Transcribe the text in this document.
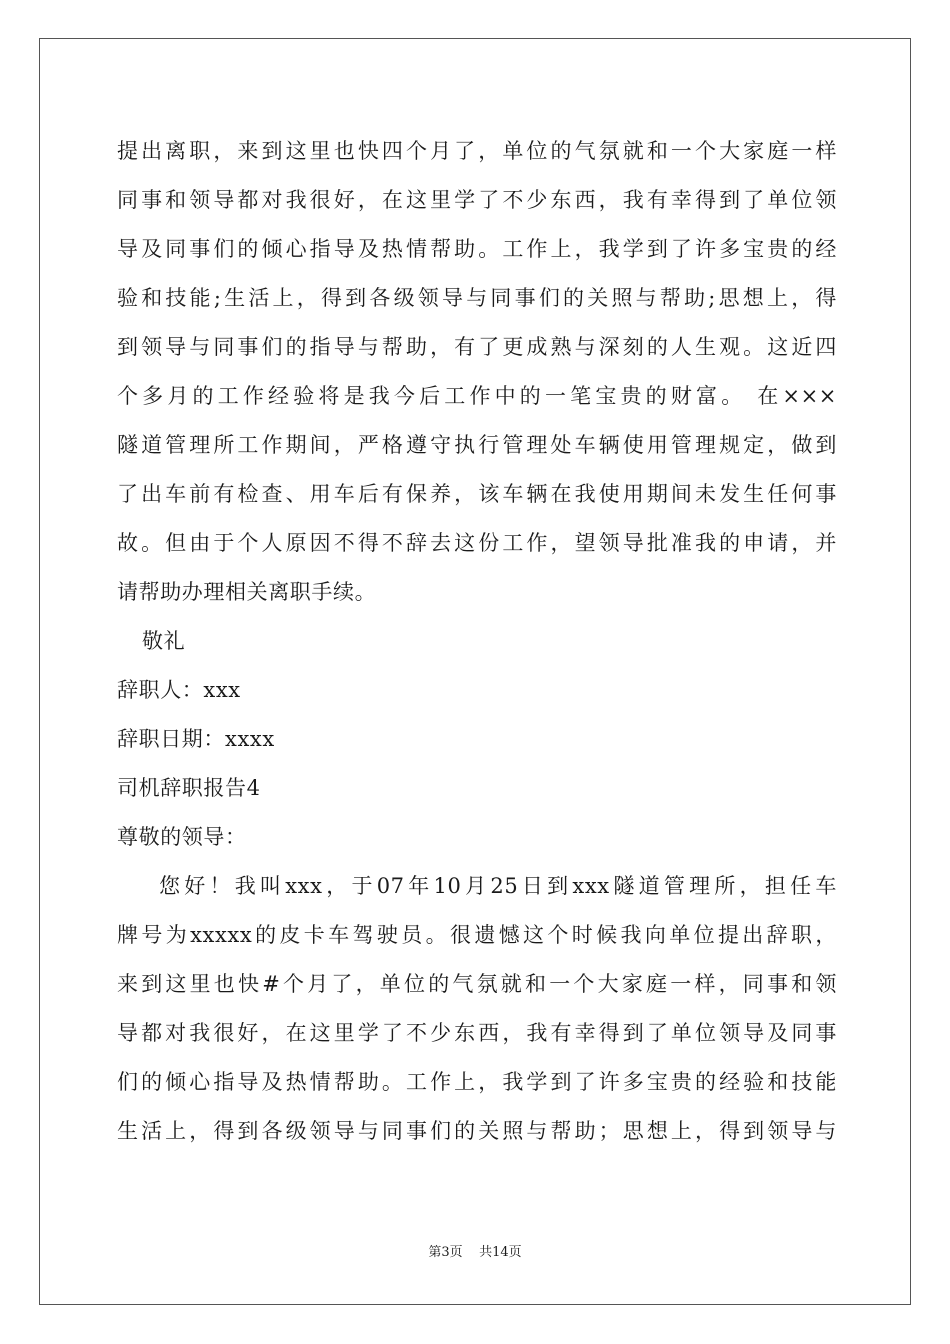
提出离职，来到这里也快四个月了，单位的气氛就和一个大家庭一样
同事和领导都对我很好，在这里学了不少东西，我有幸得到了单位领
导及同事们的倾心指导及热情帮助。工作上，我学到了许多宝贵的经
验和技能;生活上，得到各级领导与同事们的关照与帮助;思想上，得
到领导与同事们的指导与帮助，有了更成熟与深刻的人生观。这近四
个多月的工作经验将是我今后工作中的一笔宝贵的财富。 在×××
隧道管理所工作期间，严格遵守执行管理处车辆使用管理规定，做到
了出车前有检查、用车后有保养，该车辆在我使用期间未发生任何事
故。但由于个人原因不得不辞去这份工作，望领导批准我的申请，并
请帮助办理相关离职手续。
敬礼
辞职人：xxx
辞职日期：xxxx
司机辞职报告4
尊敬的领导：
您好！我叫xxx，于07年10月25日到xxx隧道管理所，担任车
牌号为xxxxx的皮卡车驾驶员。很遗憾这个时候我向单位提出辞职，
来到这里也快#个月了，单位的气氛就和一个大家庭一样，同事和领
导都对我很好，在这里学了不少东西，我有幸得到了单位领导及同事
们的倾心指导及热情帮助。工作上，我学到了许多宝贵的经验和技能
生活上，得到各级领导与同事们的关照与帮助；思想上，得到领导与
第3页 共14页
